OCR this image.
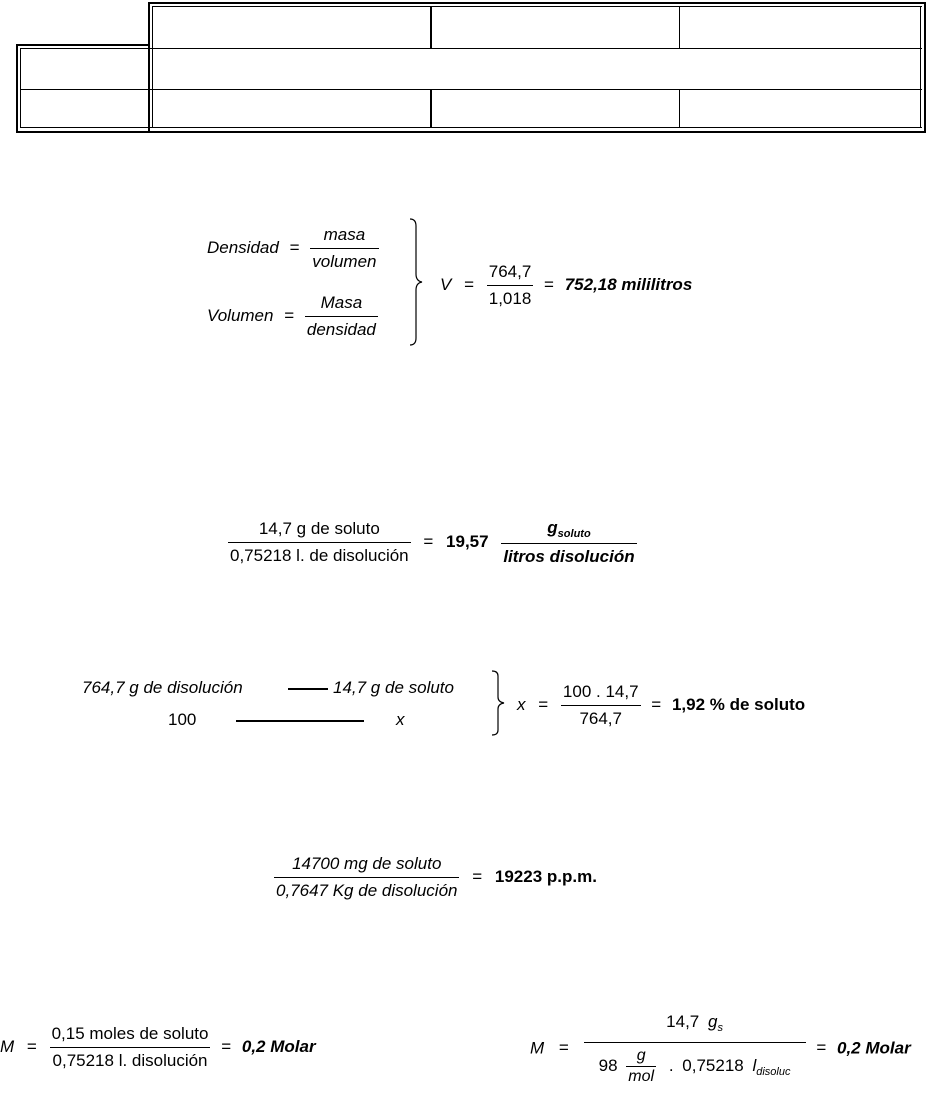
Densidad = $\frac{\text{masa}}{\text{volumen}}$
Volumen = $\frac{\text{Masa}}{\text{densidad}}$
$V = \frac{764,7}{1,018} = 752,18$ mililitros
$\frac{\text{14,7 g de soluto}}{\text{0,75218 l. de disolución}} = 19,57 \frac{g_{soluto}}{\text{litros disolución}}$
764,7 g de disolución	14,7 g de soluto
100	x
$x = \frac{100 . 14,7}{764,7} = 1,92$ % de soluto
$\frac{\text{14700 mg de soluto}}{\text{0,7647 Kg de disolución}} = 19223$ p.p.m.
$M = \frac{\text{0,15 moles de soluto}}{\text{0,75218 l. disolución}} = 0,2$ Molar	M =
14,7 $g_s$
$98 \frac{g}{\text{mol}}$ . 0,75218 $l_{disoluc}$
= 0,2 Molar
